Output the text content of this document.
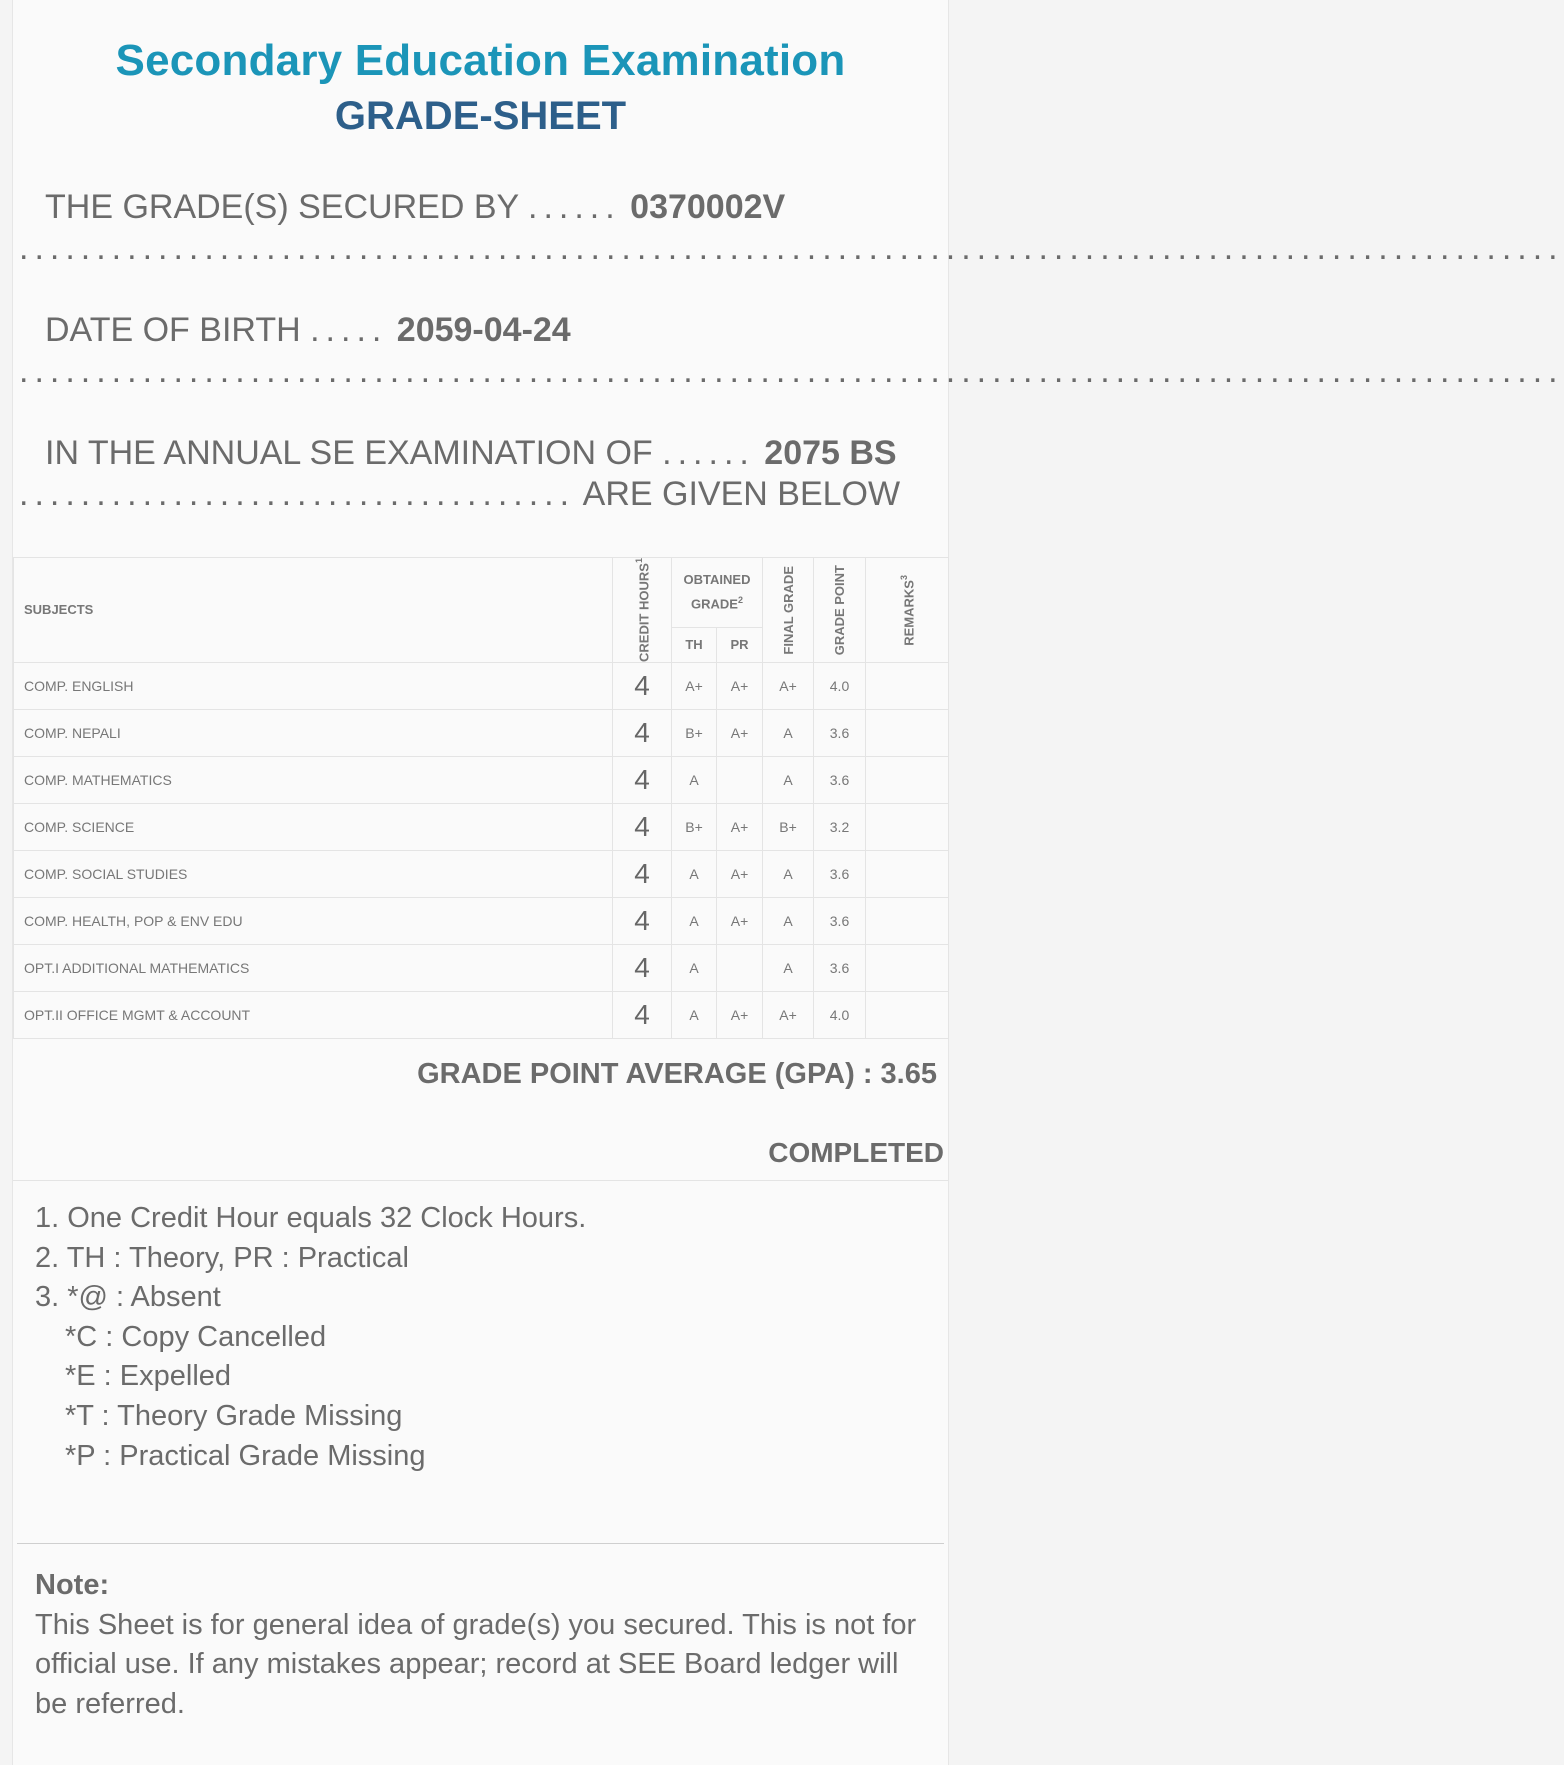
Secondary Education Examination
GRADE-SHEET
THE GRADE(S) SECURED BY ...... 0370002V ....................................................................................................
DATE OF BIRTH ..... 2059-04-24 ....................................................................................................
IN THE ANNUAL SE EXAMINATION OF ...... 2075 BS .................................... ARE GIVEN BELOW
SUBJECTS	CREDIT HOURS$^1$	OBTAINED GRADE$^2$		FINAL GRADE	GRADE POINT	REMARKS$^3$

		TH	PR			
COMP. ENGLISH	4	A+	A+	A+	4.0	
COMP. NEPALI	4	B+	A+	A	3.6	
COMP. MATHEMATICS	4	A		A	3.6	
COMP. SCIENCE	4	B+	A+	B+	3.2	
COMP. SOCIAL STUDIES	4	A	A+	A	3.6	
COMP. HEALTH, POP & ENV EDU	4	A	A+	A	3.6	
OPT.I ADDITIONAL MATHEMATICS	4	A		A	3.6	
OPT.II OFFICE MGMT & ACCOUNT	4	A	A+	A+	4.0	
GRADE POINT AVERAGE (GPA) : 3.65
COMPLETED
1. One Credit Hour equals 32 Clock Hours.
2. TH : Theory, PR : Practical
3. *@ : Absent
*C : Copy Cancelled
*E : Expelled
*T : Theory Grade Missing
*P : Practical Grade Missing
Note:
This Sheet is for general idea of grade(s) you secured. This is not for official use. If any mistakes appear; record at SEE Board ledger will be referred.
